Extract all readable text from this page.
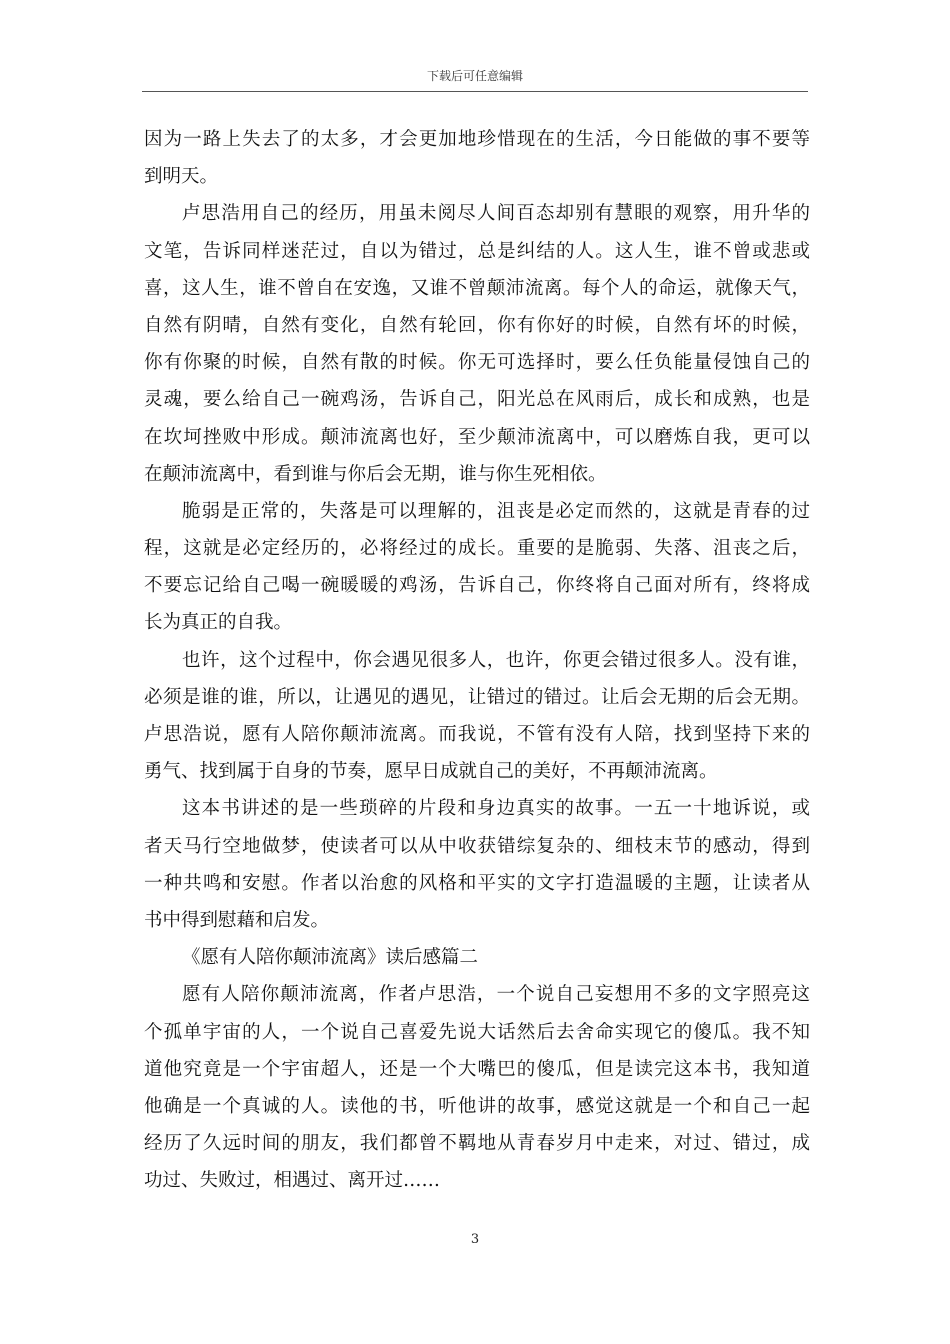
下载后可任意编辑
因为一路上失去了的太多，才会更加地珍惜现在的生活，今日能做的事不要等
到明天。
卢思浩用自己的经历，用虽未阅尽人间百态却别有慧眼的观察，用升华的
文笔，告诉同样迷茫过，自以为错过，总是纠结的人。这人生，谁不曾或悲或
喜，这人生，谁不曾自在安逸，又谁不曾颠沛流离。每个人的命运，就像天气，
自然有阴晴，自然有变化，自然有轮回，你有你好的时候，自然有坏的时候，
你有你聚的时候，自然有散的时候。你无可选择时，要么任负能量侵蚀自己的
灵魂，要么给自己一碗鸡汤，告诉自己，阳光总在风雨后，成长和成熟，也是
在坎坷挫败中形成。颠沛流离也好，至少颠沛流离中，可以磨炼自我，更可以
在颠沛流离中，看到谁与你后会无期，谁与你生死相依。
脆弱是正常的，失落是可以理解的，沮丧是必定而然的，这就是青春的过
程，这就是必定经历的，必将经过的成长。重要的是脆弱、失落、沮丧之后，
不要忘记给自己喝一碗暖暖的鸡汤，告诉自己，你终将自己面对所有，终将成
长为真正的自我。
也许，这个过程中，你会遇见很多人，也许，你更会错过很多人。没有谁，
必须是谁的谁，所以，让遇见的遇见，让错过的错过。让后会无期的后会无期。
卢思浩说，愿有人陪你颠沛流离。而我说，不管有没有人陪，找到坚持下来的
勇气、找到属于自身的节奏，愿早日成就自己的美好，不再颠沛流离。
这本书讲述的是一些琐碎的片段和身边真实的故事。一五一十地诉说，或
者天马行空地做梦，使读者可以从中收获错综复杂的、细枝末节的感动，得到
一种共鸣和安慰。作者以治愈的风格和平实的文字打造温暖的主题，让读者从
书中得到慰藉和启发。
《愿有人陪你颠沛流离》读后感篇二
愿有人陪你颠沛流离，作者卢思浩，一个说自己妄想用不多的文字照亮这
个孤单宇宙的人，一个说自己喜爱先说大话然后去舍命实现它的傻瓜。我不知
道他究竟是一个宇宙超人，还是一个大嘴巴的傻瓜，但是读完这本书，我知道
他确是一个真诚的人。读他的书，听他讲的故事，感觉这就是一个和自己一起
经历了久远时间的朋友，我们都曾不羁地从青春岁月中走来，对过、错过，成
功过、失败过，相遇过、离开过……
3
